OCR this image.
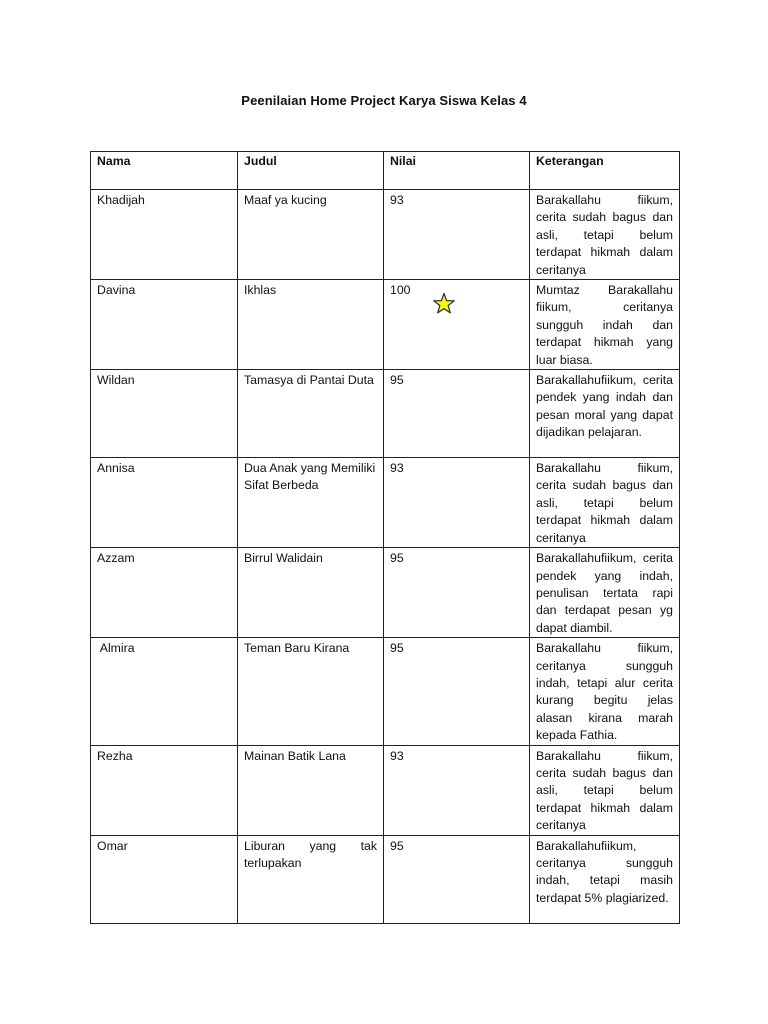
Peenilaian Home Project Karya Siswa Kelas 4
Nama	Judul	Nilai	Keterangan
Khadijah	Maaf ya kucing	93	Barakallahu fiikum, cerita sudah bagus dan asli, tetapi belum terdapat hikmah dalam ceritanya
Davina	Ikhlas	100	Mumtaz Barakallahu fiikum, ceritanya sungguh indah dan terdapat hikmah yang luar biasa.
Wildan	Tamasya di Pantai Duta	95	Barakallahufiikum, cerita pendek yang indah dan pesan moral yang dapat dijadikan pelajaran.
Annisa	Dua Anak yang Memiliki Sifat Berbeda	93	Barakallahu fiikum, cerita sudah bagus dan asli, tetapi belum terdapat hikmah dalam ceritanya
Azzam	Birrul Walidain	95	Barakallahufiikum, cerita pendek yang indah, penulisan tertata rapi dan terdapat pesan yg dapat diambil.
Almira	Teman Baru Kirana	95	Barakallahu fiikum, ceritanya sungguh indah, tetapi alur cerita kurang begitu jelas alasan kirana marah kepada Fathia.
Rezha	Mainan Batik Lana	93	Barakallahu fiikum, cerita sudah bagus dan asli, tetapi belum terdapat hikmah dalam ceritanya
Omar	Liburan yang tak terlupakan	95	Barakallahufiikum, ceritanya sungguh indah, tetapi masih terdapat 5% plagiarized.
